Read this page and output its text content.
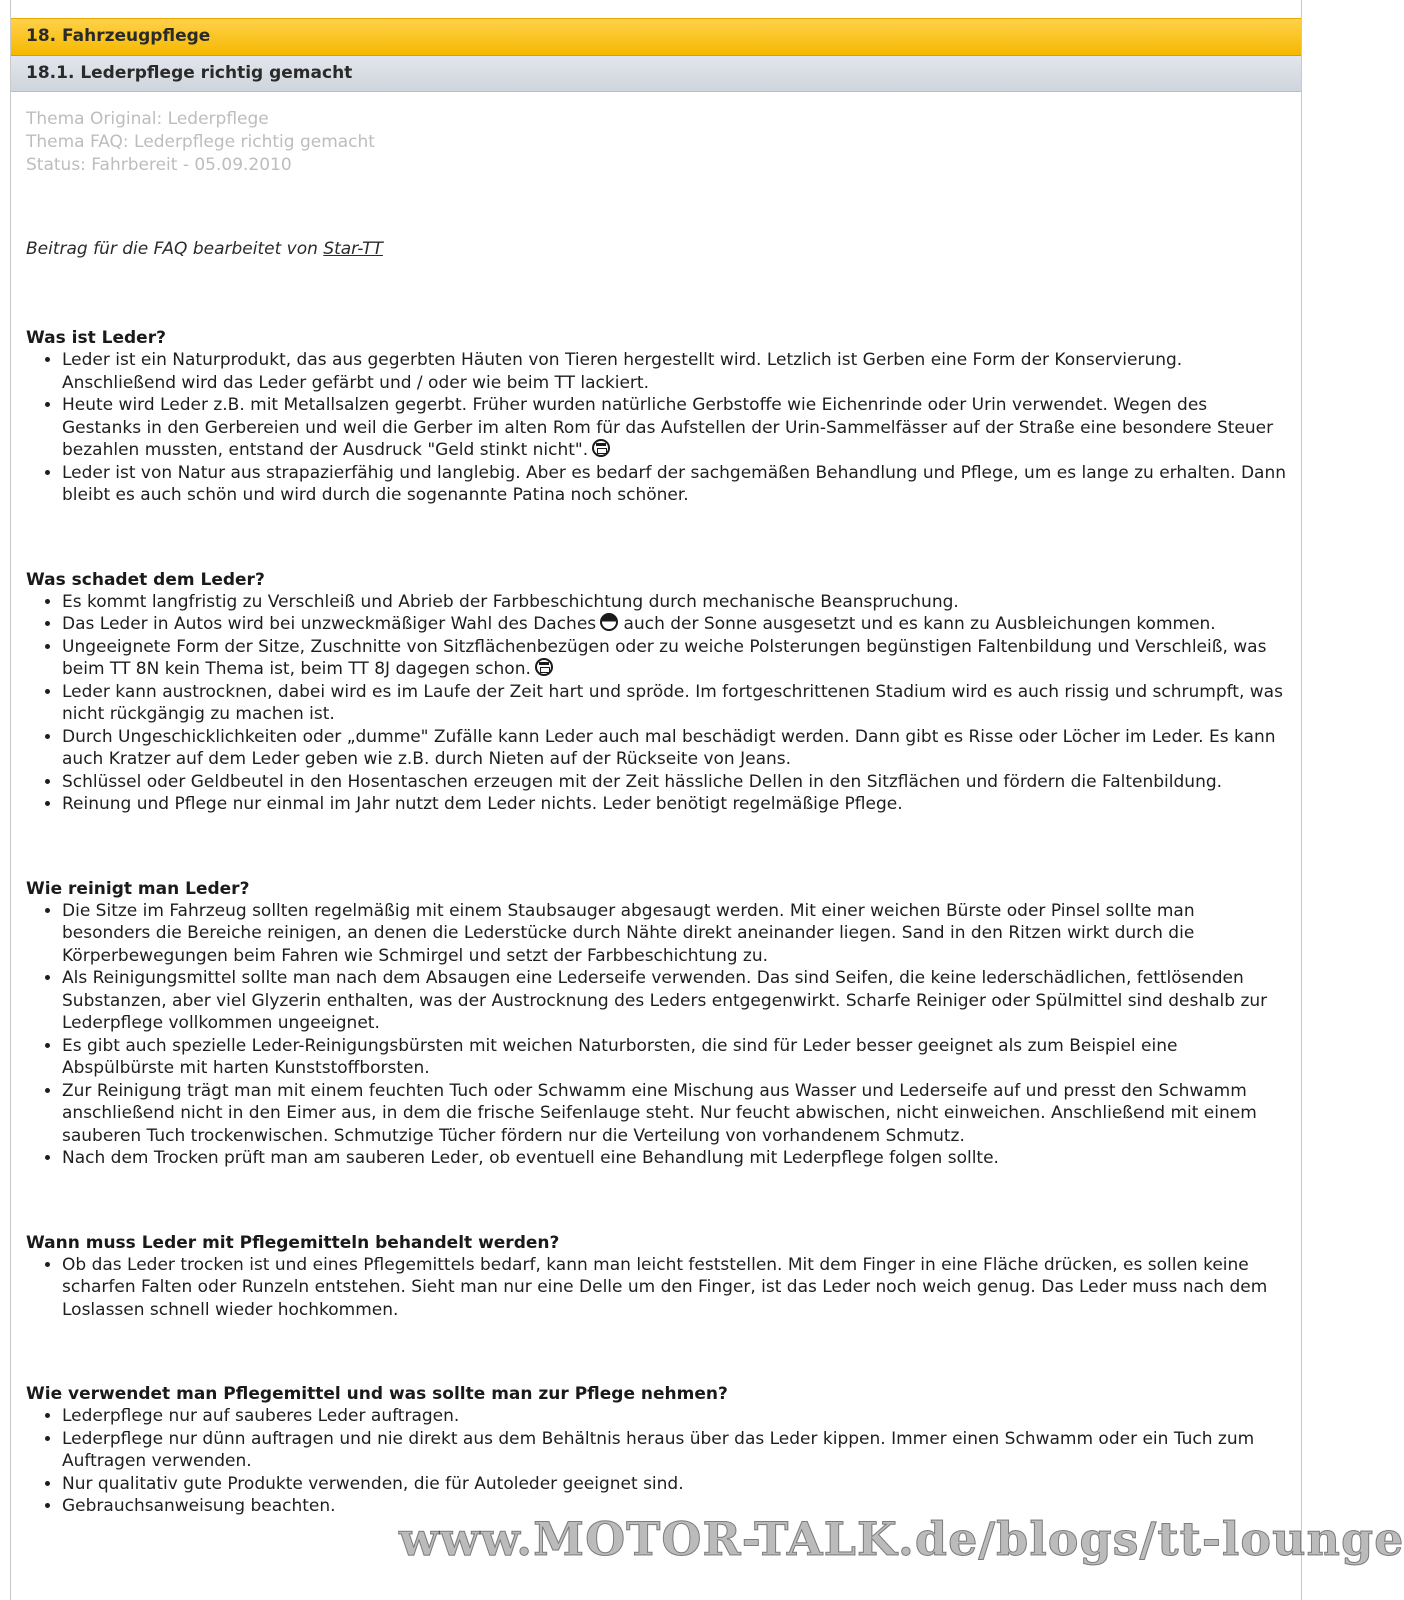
18. Fahrzeugpflege
18.1. Lederpflege richtig gemacht
Thema Original: Lederpflege
Thema FAQ: Lederpflege richtig gemacht
Status: Fahrbereit - 05.09.2010
Beitrag für die FAQ bearbeitet von Star-TT
Was ist Leder?
• Leder ist ein Naturprodukt, das aus gegerbten Häuten von Tieren hergestellt wird. Letzlich ist Gerben eine Form der Konservierung. Anschließend wird das Leder gefärbt und / oder wie beim TT lackiert.
• Heute wird Leder z.B. mit Metallsalzen gegerbt. Früher wurden natürliche Gerbstoffe wie Eichenrinde oder Urin verwendet. Wegen des Gestanks in den Gerbereien und weil die Gerber im alten Rom für das Aufstellen der Urin-Sammelfässer auf der Straße eine besondere Steuer bezahlen mussten, entstand der Ausdruck "Geld stinkt nicht".
• Leder ist von Natur aus strapazierfähig und langlebig. Aber es bedarf der sachgemäßen Behandlung und Pflege, um es lange zu erhalten. Dann bleibt es auch schön und wird durch die sogenannte Patina noch schöner.
Was schadet dem Leder?
• Es kommt langfristig zu Verschleiß und Abrieb der Farbbeschichtung durch mechanische Beanspruchung.
• Das Leder in Autos wird bei unzweckmäßiger Wahl des Daches auch der Sonne ausgesetzt und es kann zu Ausbleichungen kommen.
• Ungeeignete Form der Sitze, Zuschnitte von Sitzflächenbezügen oder zu weiche Polsterungen begünstigen Faltenbildung und Verschleiß, was beim TT 8N kein Thema ist, beim TT 8J dagegen schon.
• Leder kann austrocknen, dabei wird es im Laufe der Zeit hart und spröde. Im fortgeschrittenen Stadium wird es auch rissig und schrumpft, was nicht rückgängig zu machen ist.
• Durch Ungeschicklichkeiten oder „dumme" Zufälle kann Leder auch mal beschädigt werden. Dann gibt es Risse oder Löcher im Leder. Es kann auch Kratzer auf dem Leder geben wie z.B. durch Nieten auf der Rückseite von Jeans.
• Schlüssel oder Geldbeutel in den Hosentaschen erzeugen mit der Zeit hässliche Dellen in den Sitzflächen und fördern die Faltenbildung.
• Reinung und Pflege nur einmal im Jahr nutzt dem Leder nichts. Leder benötigt regelmäßige Pflege.
Wie reinigt man Leder?
• Die Sitze im Fahrzeug sollten regelmäßig mit einem Staubsauger abgesaugt werden. Mit einer weichen Bürste oder Pinsel sollte man besonders die Bereiche reinigen, an denen die Lederstücke durch Nähte direkt aneinander liegen. Sand in den Ritzen wirkt durch die Körperbewegungen beim Fahren wie Schmirgel und setzt der Farbbeschichtung zu.
• Als Reinigungsmittel sollte man nach dem Absaugen eine Lederseife verwenden. Das sind Seifen, die keine lederschädlichen, fettlösenden Substanzen, aber viel Glyzerin enthalten, was der Austrocknung des Leders entgegenwirkt. Scharfe Reiniger oder Spülmittel sind deshalb zur Lederpflege vollkommen ungeeignet.
• Es gibt auch spezielle Leder-Reinigungsbürsten mit weichen Naturborsten, die sind für Leder besser geeignet als zum Beispiel eine Abspülbürste mit harten Kunststoffborsten.
• Zur Reinigung trägt man mit einem feuchten Tuch oder Schwamm eine Mischung aus Wasser und Lederseife auf und presst den Schwamm anschließend nicht in den Eimer aus, in dem die frische Seifenlauge steht. Nur feucht abwischen, nicht einweichen. Anschließend mit einem sauberen Tuch trockenwischen. Schmutzige Tücher fördern nur die Verteilung von vorhandenem Schmutz.
• Nach dem Trocken prüft man am sauberen Leder, ob eventuell eine Behandlung mit Lederpflege folgen sollte.
Wann muss Leder mit Pflegemitteln behandelt werden?
• Ob das Leder trocken ist und eines Pflegemittels bedarf, kann man leicht feststellen. Mit dem Finger in eine Fläche drücken, es sollen keine scharfen Falten oder Runzeln entstehen. Sieht man nur eine Delle um den Finger, ist das Leder noch weich genug. Das Leder muss nach dem Loslassen schnell wieder hochkommen.
Wie verwendet man Pflegemittel und was sollte man zur Pflege nehmen?
• Lederpflege nur auf sauberes Leder auftragen.
• Lederpflege nur dünn auftragen und nie direkt aus dem Behältnis heraus über das Leder kippen. Immer einen Schwamm oder ein Tuch zum Auftragen verwenden.
• Nur qualitativ gute Produkte verwenden, die für Autoleder geeignet sind.
• Gebrauchsanweisung beachten.
www.MOTOR-TALK.de/blogs/tt-lounge
